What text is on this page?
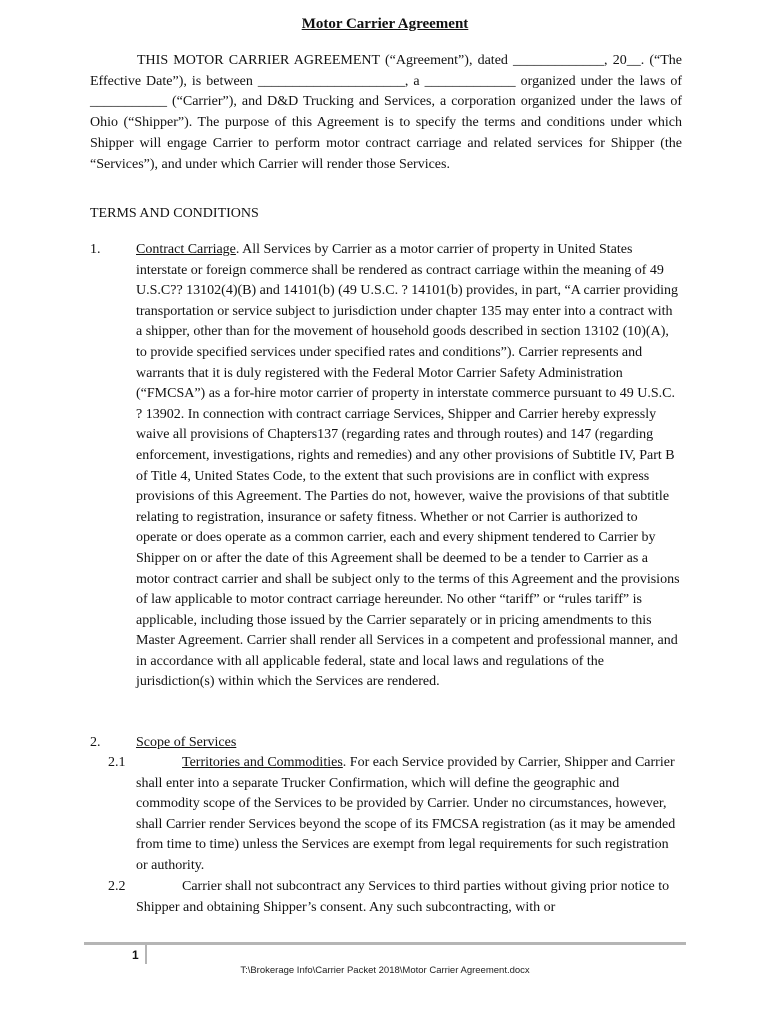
Motor Carrier Agreement
THIS MOTOR CARRIER AGREEMENT (“Agreement”), dated _____________, 20__. (“The Effective Date”), is between _____________________, a _____________ organized under the laws of ___________ (“Carrier”), and D&D Trucking and Services, a corporation organized under the laws of Ohio (“Shipper”). The purpose of this Agreement is to specify the terms and conditions under which Shipper will engage Carrier to perform motor contract carriage and related services for Shipper (the “Services”), and under which Carrier will render those Services.
TERMS AND CONDITIONS
1.	Contract Carriage. All Services by Carrier as a motor carrier of property in United States interstate or foreign commerce shall be rendered as contract carriage within the meaning of 49 U.S.C?? 13102(4)(B) and 14101(b) (49 U.S.C. ? 14101(b) provides, in part, “A carrier providing transportation or service subject to jurisdiction under chapter 135 may enter into a contract with a shipper, other than for the movement of household goods described in section 13102 (10)(A), to provide specified services under specified rates and conditions”). Carrier represents and warrants that it is duly registered with the Federal Motor Carrier Safety Administration (“FMCSA”) as a for-hire motor carrier of property in interstate commerce pursuant to 49 U.S.C. ? 13902. In connection with contract carriage Services, Shipper and Carrier hereby expressly waive all provisions of Chapters137 (regarding rates and through routes) and 147 (regarding enforcement, investigations, rights and remedies) and any other provisions of Subtitle IV, Part B of Title 4, United States Code, to the extent that such provisions are in conflict with express provisions of this Agreement. The Parties do not, however, waive the provisions of that subtitle relating to registration, insurance or safety fitness. Whether or not Carrier is authorized to operate or does operate as a common carrier, each and every shipment tendered to Carrier by Shipper on or after the date of this Agreement shall be deemed to be a tender to Carrier as a motor contract carrier and shall be subject only to the terms of this Agreement and the provisions of law applicable to motor contract carriage hereunder. No other “tariff” or “rules tariff” is applicable, including those issued by the Carrier separately or in pricing amendments to this Master Agreement. Carrier shall render all Services in a competent and professional manner, and in accordance with all applicable federal, state and local laws and regulations of the jurisdiction(s) within which the Services are rendered.
2.	Scope of Services
2.1	Territories and Commodities. For each Service provided by Carrier, Shipper and Carrier shall enter into a separate Trucker Confirmation, which will define the geographic and commodity scope of the Services to be provided by Carrier. Under no circumstances, however, shall Carrier render Services beyond the scope of its FMCSA registration (as it may be amended from time to time) unless the Services are exempt from legal requirements for such registration or authority.
2.2	Carrier shall not subcontract any Services to third parties without giving prior notice to Shipper and obtaining Shipper’s consent. Any such subcontracting, with or
1
T:\Brokerage Info\Carrier Packet 2018\Motor Carrier Agreement.docx
